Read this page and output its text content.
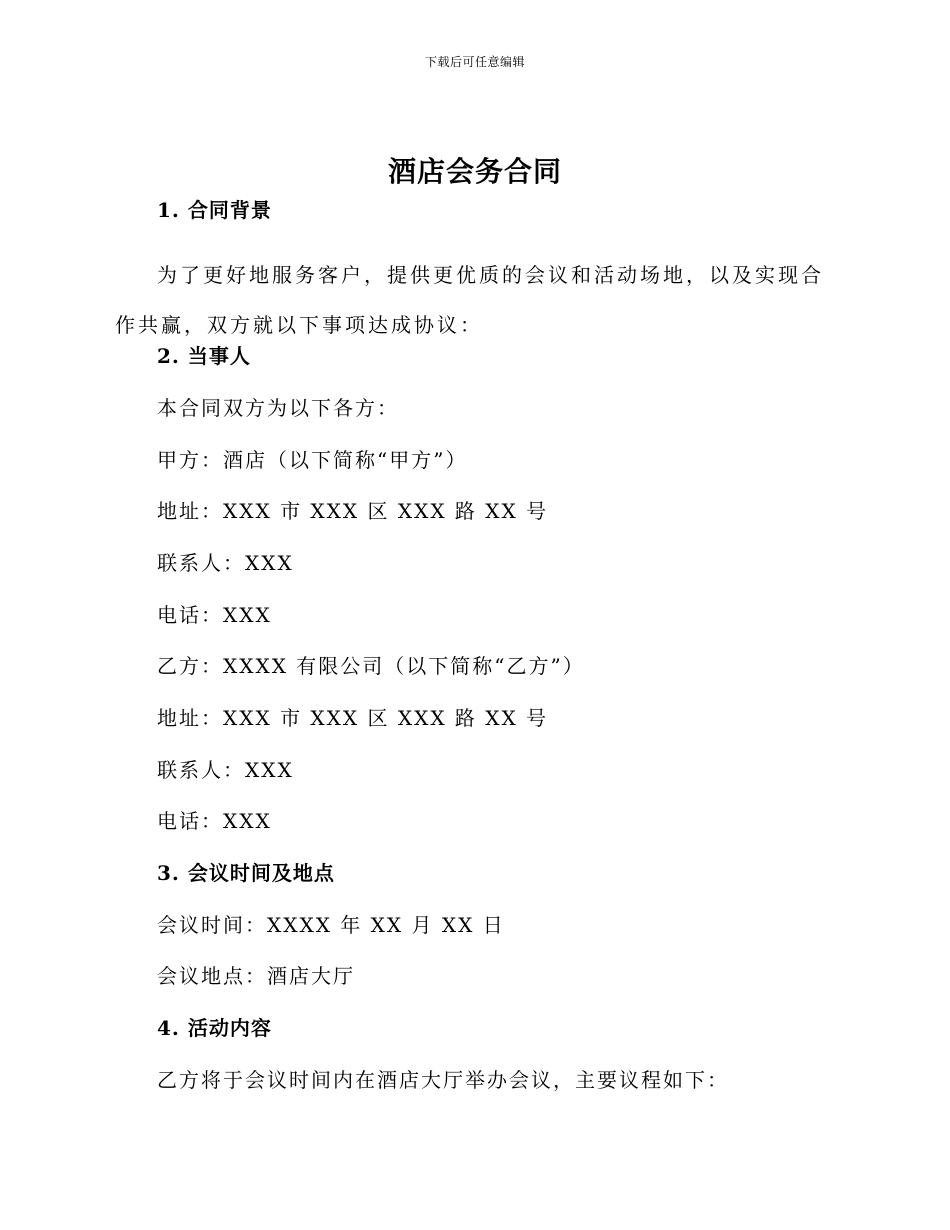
下载后可任意编辑
酒店会务合同
1. 合同背景

为了更好地服务客户，提供更优质的会议和活动场地，以及实现合作共赢，双方就以下事项达成协议：

2. 当事人
本合同双方为以下各方：
甲方：酒店（以下简称“甲方”）
地址：XXX 市 XXX 区 XXX 路 XX 号
联系人：XXX
电话：XXX
乙方：XXXX 有限公司（以下简称“乙方”）
地址：XXX 市 XXX 区 XXX 路 XX 号
联系人：XXX
电话：XXX
3. 会议时间及地点
会议时间：XXXX 年 XX 月 XX 日
会议地点：酒店大厅
4. 活动内容
乙方将于会议时间内在酒店大厅举办会议，主要议程如下：
